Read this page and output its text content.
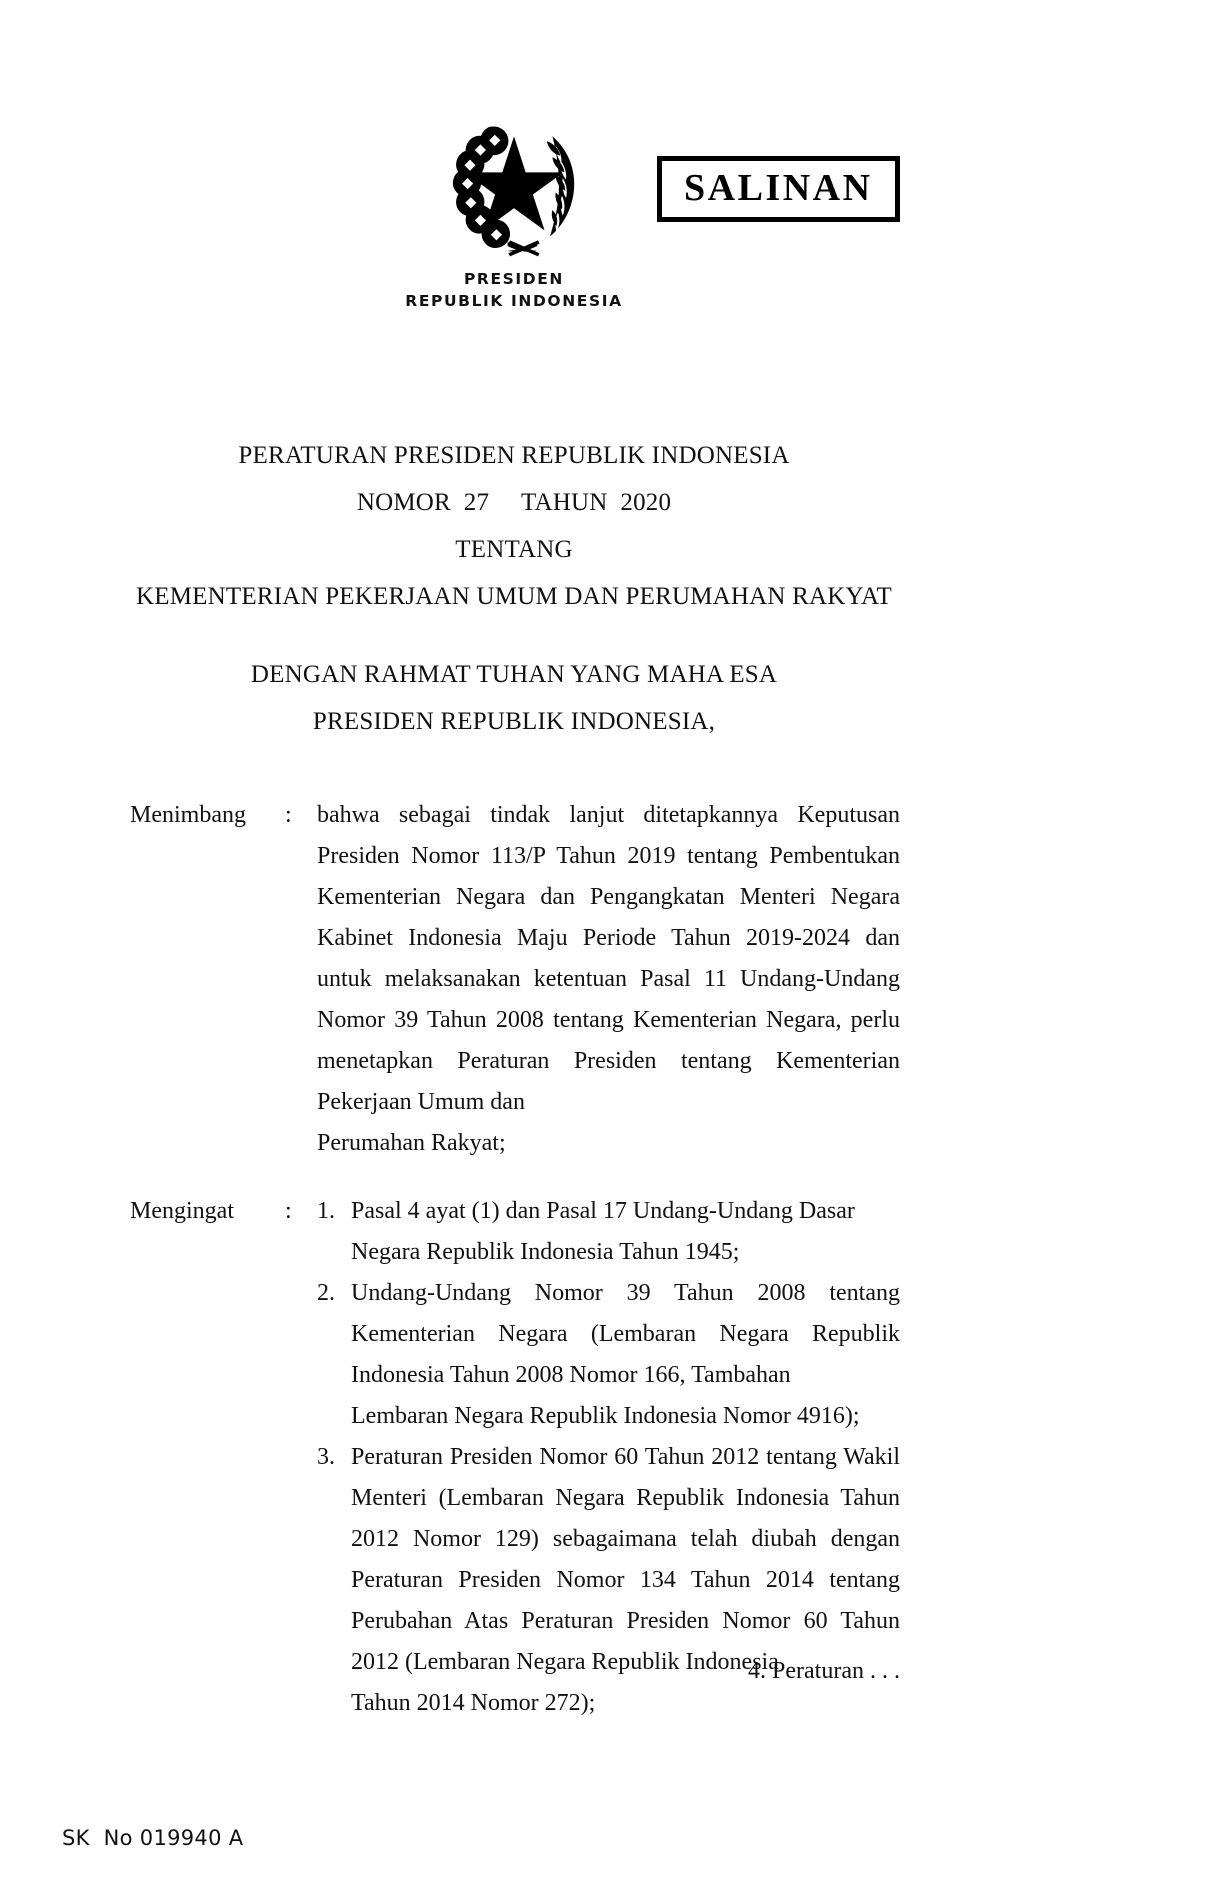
SALINAN
PRESIDEN
REPUBLIK INDONESIA
PERATURAN PRESIDEN REPUBLIK INDONESIA
NOMOR  27     TAHUN  2020
TENTANG
KEMENTERIAN PEKERJAAN UMUM DAN PERUMAHAN RAKYAT
DENGAN RAHMAT TUHAN YANG MAHA ESA
PRESIDEN REPUBLIK INDONESIA,
Menimbang	:	bahwa sebagai tindak lanjut ditetapkannya Keputusan Presiden Nomor 113/P Tahun 2019 tentang Pembentukan Kementerian Negara dan Pengangkatan Menteri Negara Kabinet Indonesia Maju Periode Tahun 2019-2024 dan untuk melaksanakan ketentuan Pasal 11 Undang-Undang Nomor 39 Tahun 2008 tentang Kementerian Negara, perlu menetapkan Peraturan Presiden tentang Kementerian Pekerjaan Umum dan

Perumahan Rakyat;

Mengingat	:	1. Pasal 4 ayat (1) dan Pasal 17 Undang-Undang Dasar
Negara Republik Indonesia Tahun 1945;
2. Undang-Undang Nomor 39 Tahun 2008 tentang Kementerian Negara (Lembaran Negara Republik Indonesia Tahun 2008 Nomor 166, Tambahan
Lembaran Negara Republik Indonesia Nomor 4916);
3. Peraturan Presiden Nomor 60 Tahun 2012 tentang Wakil Menteri (Lembaran Negara Republik Indonesia Tahun 2012 Nomor 129) sebagaimana telah diubah dengan Peraturan Presiden Nomor 134 Tahun 2014 tentang Perubahan Atas Peraturan Presiden Nomor 60 Tahun 2012 (Lembaran Negara Republik Indonesia
Tahun 2014 Nomor 272);
4. Peraturan . . .
SK  No 019940 A
